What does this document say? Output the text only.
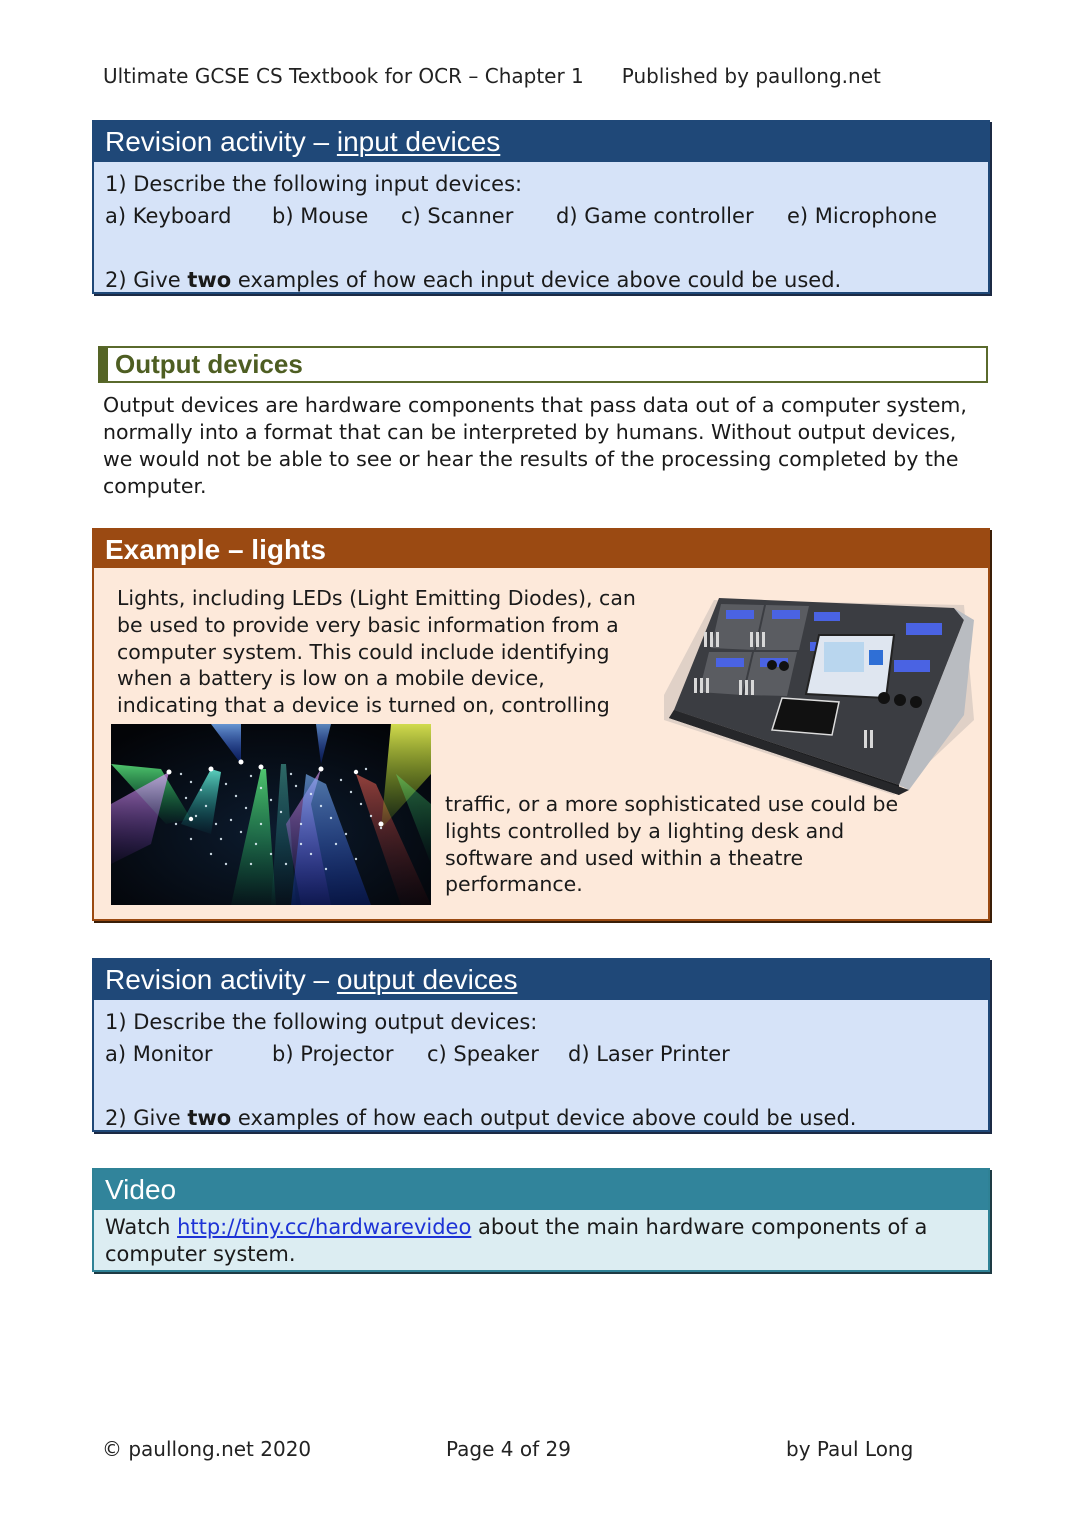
Ultimate GCSE CS Textbook for OCR – Chapter 1 Published by paullong.net
Revision activity – input devices
1) Describe the following input devices:
a) Keyboard b) Mouse c) Scanner d) Game controller e) Microphone
2) Give two examples of how each input device above could be used.
Output devices
Output devices are hardware components that pass data out of a computer system, normally into a format that can be interpreted by humans. Without output devices, we would not be able to see or hear the results of the processing completed by the computer.
Example – lights
Lights, including LEDs (Light Emitting Diodes), can be used to provide very basic information from a computer system. This could include identifying when a battery is low on a mobile device, indicating that a device is turned on, controlling
traffic, or a more sophisticated use could be lights controlled by a lighting desk and software and used within a theatre performance.
Revision activity – output devices
1) Describe the following output devices:
a) Monitor	b) Projector c) Speaker d) Laser Printer
2) Give two examples of how each output device above could be used.
Video
Watch http://tiny.cc/hardwarevideo about the main hardware components of a computer system.
© paullong.net 2020	Page 4 of 29	by Paul Long
